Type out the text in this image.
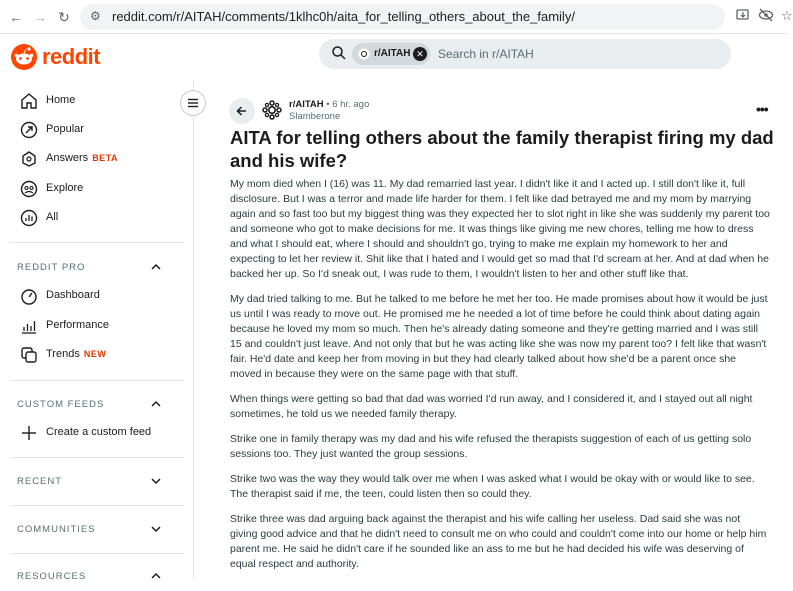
← → ↻	⚙ reddit.com/r/AITAH/comments/1klhc0h/aita_for_telling_others_about_the_family/	☆
reddit	r/AITAH ✕ Search in r/AITAH
Home
Popular
Answers BETA
Explore
All
REDDIT PRO
Dashboard
Performance
Trends NEW
CUSTOM FEEDS
Create a custom feed
RECENT
COMMUNITIES
RESOURCES
r/AITAH • 6 hr. ago
Slamberone	•••
AITA for telling others about the family therapist firing my dad and his wife?

My mom died when I (16) was 11. My dad remarried last year. I didn't like it and I acted up. I still don't like it, full disclosure. But I was a terror and made life harder for them. I felt like dad betrayed me and my mom by marrying again and so fast too but my biggest thing was they expected her to slot right in like she was suddenly my parent too and someone who got to make decisions for me. It was things like giving me new chores, telling me how to dress and what I should eat, where I should and shouldn't go, trying to make me explain my homework to her and expecting to let her review it. Shit like that I hated and I would get so mad that I'd scream at her. And at dad when he backed her up. So I'd sneak out, I was rude to them, I wouldn't listen to her and other stuff like that.

My dad tried talking to me. But he talked to me before he met her too. He made promises about how it would be just us until I was ready to move out. He promised me he needed a lot of time before he could think about dating again because he loved my mom so much. Then he's already dating someone and they're getting married and I was still 15 and couldn't just leave. And not only that but he was acting like she was now my parent too? I felt like that wasn't fair. He'd date and keep her from moving in but they had clearly talked about how she'd be a parent once she moved in because they were on the same page with that stuff.

When things were getting so bad that dad was worried I'd run away, and I considered it, and I stayed out all night sometimes, he told us we needed family therapy.

Strike one in family therapy was my dad and his wife refused the therapists suggestion of each of us getting solo sessions too. They just wanted the group sessions.

Strike two was the way they would talk over me when I was asked what I would be okay with or would like to see. The therapist said if me, the teen, could listen then so could they.

Strike three was dad arguing back against the therapist and his wife calling her useless. Dad said she was not giving good advice and that he didn't need to consult me on who could and couldn't come into our home or help him parent me. He said he didn't care if he sounded like an ass to me but he had decided his wife was deserving of equal respect and authority.
